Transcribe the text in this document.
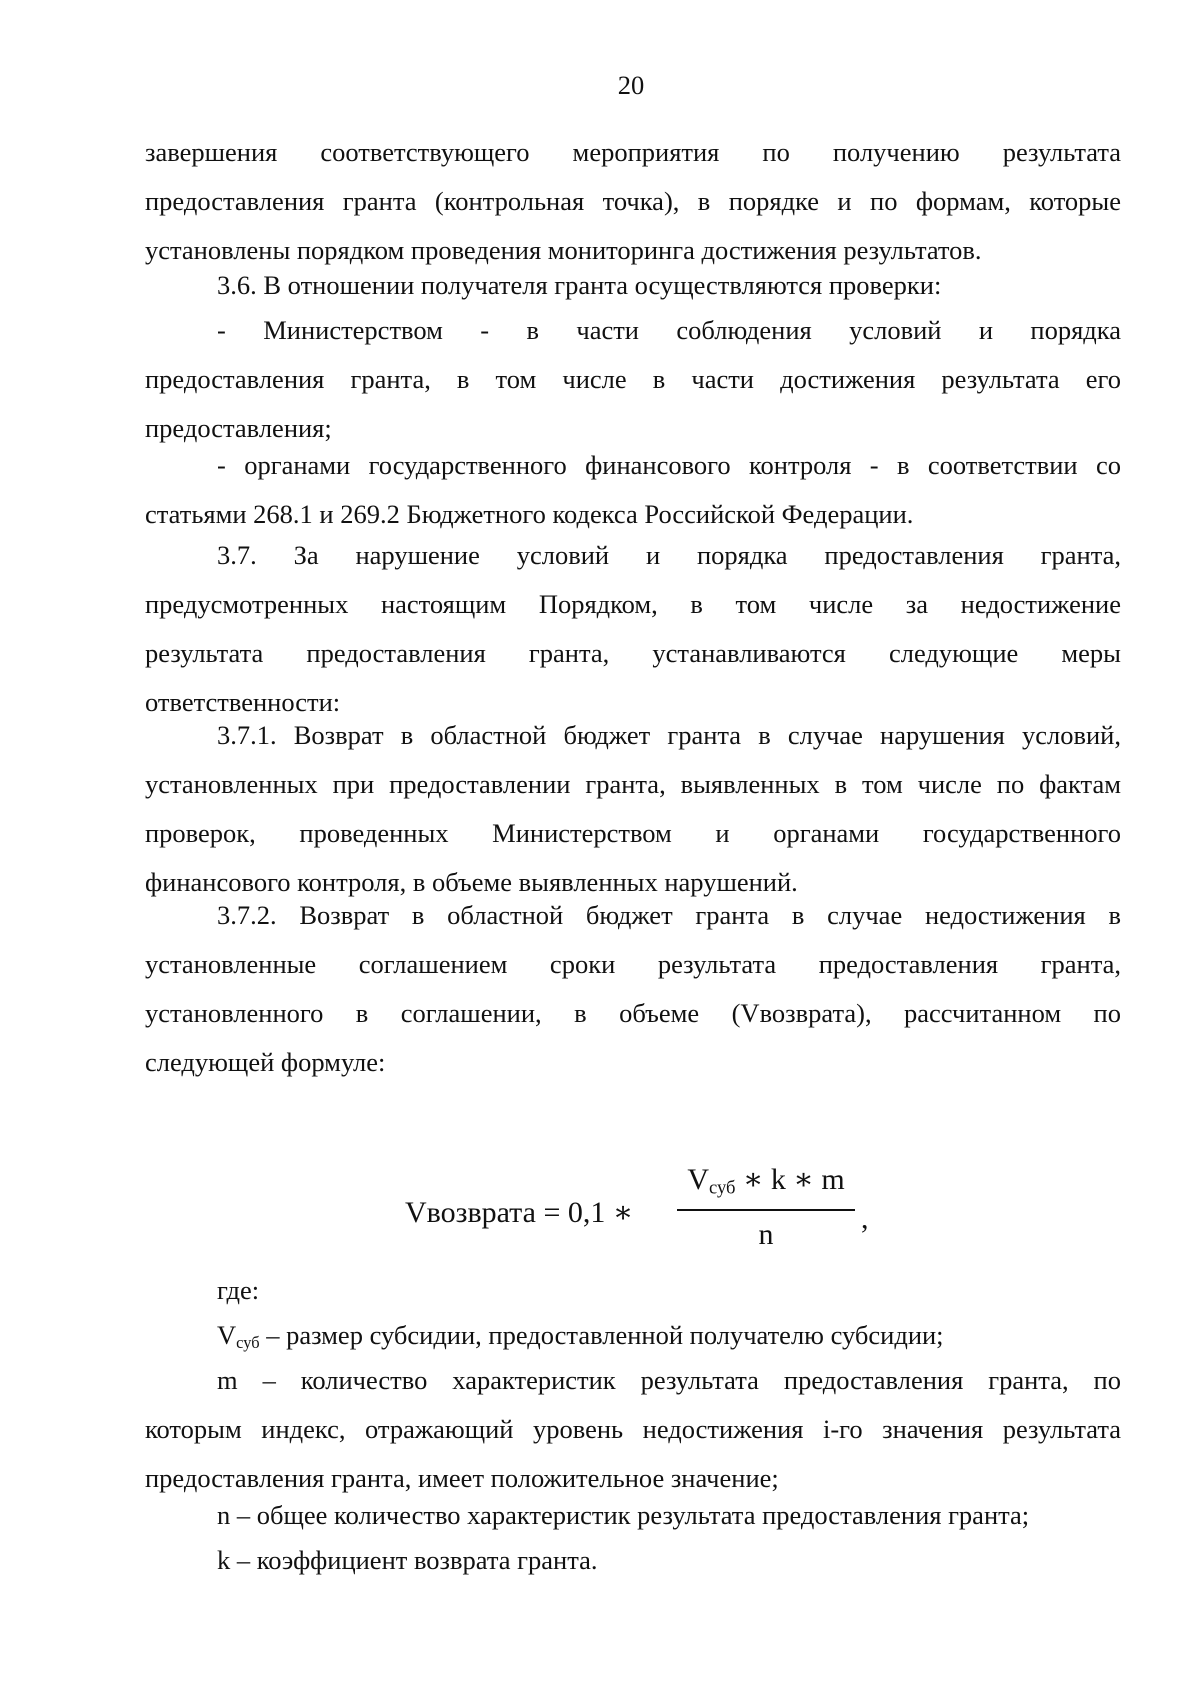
20
завершения соответствующего мероприятия по получению результата
предоставления гранта (контрольная точка), в порядке и по формам, которые
установлены порядком проведения мониторинга достижения результатов.
3.6. В отношении получателя гранта осуществляются проверки:
- Министерством - в части соблюдения условий и порядка
предоставления гранта, в том числе в части достижения результата его
предоставления;
- органами государственного финансового контроля - в соответствии со
статьями 268.1 и 269.2 Бюджетного кодекса Российской Федерации.
3.7. За нарушение условий и порядка предоставления гранта,
предусмотренных настоящим Порядком, в том числе за недостижение
результата предоставления гранта, устанавливаются следующие меры
ответственности:
3.7.1. Возврат в областной бюджет гранта в случае нарушения условий,
установленных при предоставлении гранта, выявленных в том числе по фактам
проверок, проведенных Министерством и органами государственного
финансового контроля, в объеме выявленных нарушений.
3.7.2. Возврат в областной бюджет гранта в случае недостижения в
установленные соглашением сроки результата предоставления гранта,
установленного в соглашении, в объеме (Vвозврата), рассчитанном по
следующей формуле:
Vвозврата = 0,1 ∗
$V_{суб}$ ∗ k ∗ m
n	,
где:
$V_{суб}$ – размер субсидии, предоставленной получателю субсидии;
m – количество характеристик результата предоставления гранта, по
которым индекс, отражающий уровень недостижения i-го значения результата
предоставления гранта, имеет положительное значение;
n – общее количество характеристик результата предоставления гранта;
k – коэффициент возврата гранта.
